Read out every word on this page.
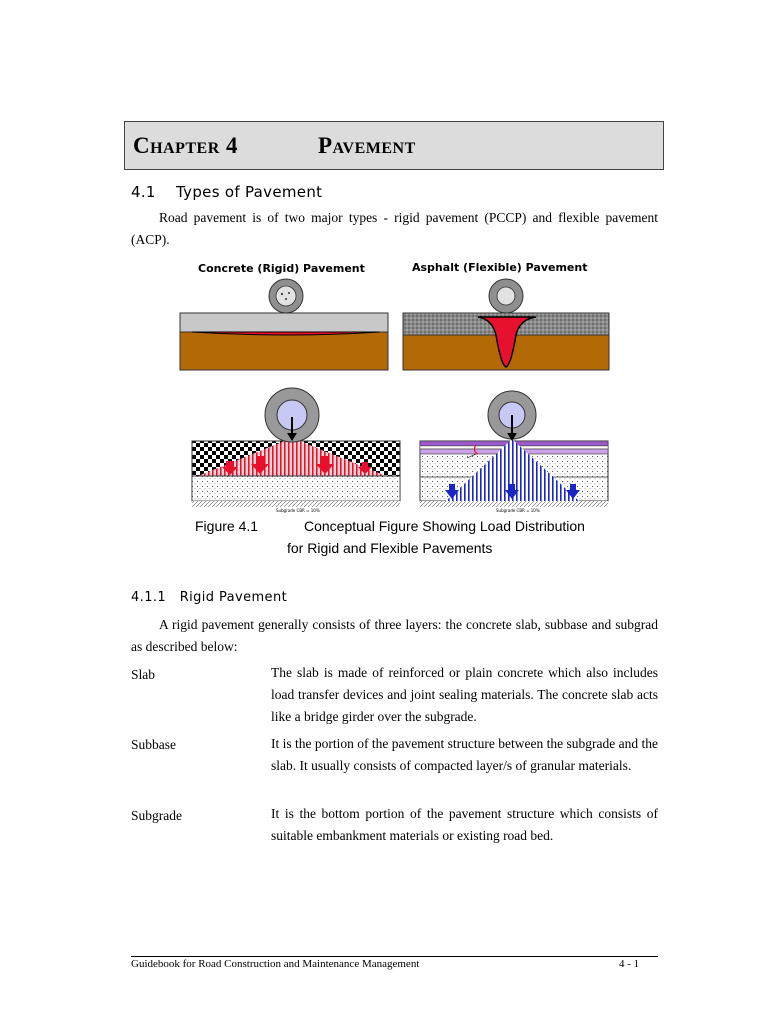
Chapter 4	Pavement
4.1 Types of Pavement
Road pavement is of two major types - rigid pavement (PCCP) and flexible pavement (ACP).
Concrete (Rigid) Pavement	Asphalt (Flexible) Pavement
Subgrade CBR = 10%	Subgrade CBR = 10%
Figure 4.1	Conceptual Figure Showing Load Distribution
for Rigid and Flexible Pavements
4.1.1 Rigid Pavement
A rigid pavement generally consists of three layers: the concrete slab, subbase and subgrad as described below:
Slab	The slab is made of reinforced or plain concrete which also includes load transfer devices and joint sealing materials. The concrete slab acts like a bridge girder over the subgrade.
Subbase	It is the portion of the pavement structure between the subgrade and the slab. It usually consists of compacted layer/s of granular materials.
Subgrade	It is the bottom portion of the pavement structure which consists of suitable embankment materials or existing road bed.
Guidebook for Road Construction and Maintenance Management	4 - 1
